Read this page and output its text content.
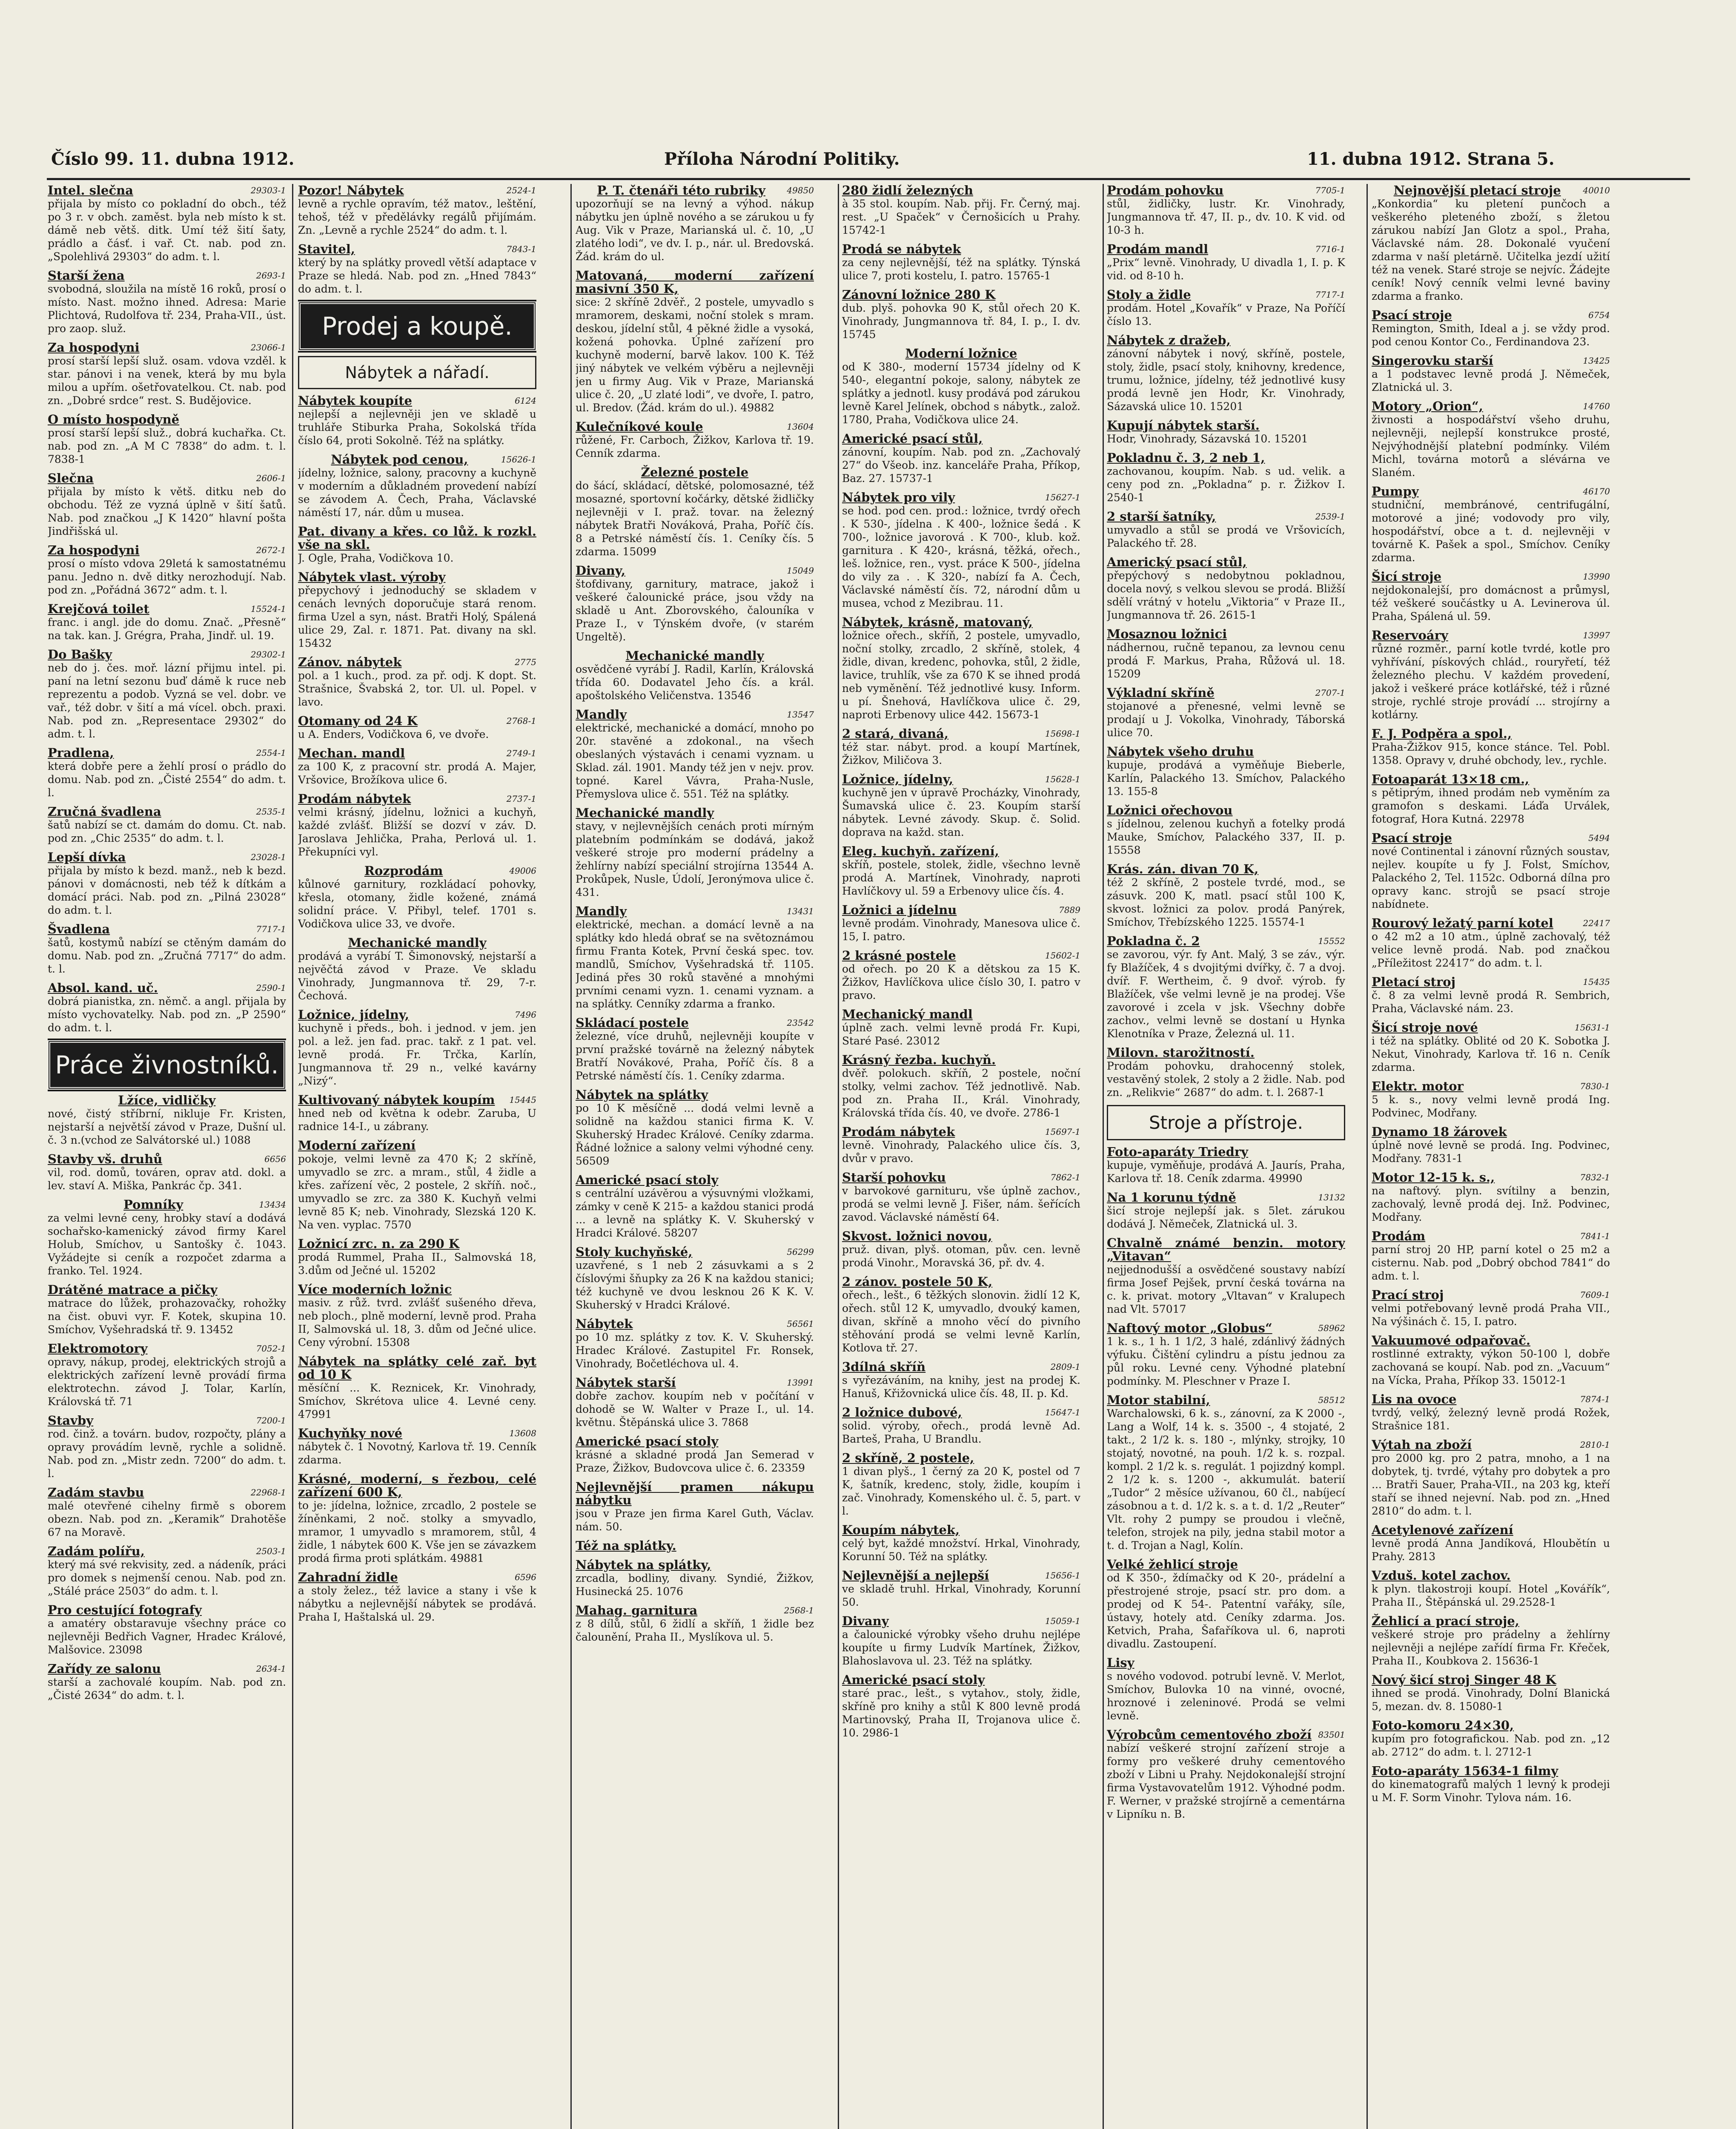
Číslo 99. 11. dubna 1912.	Příloha Národní Politiky.	11. dubna 1912. Strana 5.
29303-1
Intel. slečna
přijala by místo co pokladní do obch., též po 3 r. v obch. zaměst. byla neb místo k st. dámě neb větš. ditk. Umí též šití šaty, prádlo a čásť. i vař. Ct. nab. pod zn. „Spolehlivá 29303“ do adm. t. l.
2693-1
Starší žena
svobodná, sloužila na místě 16 roků, prosí o místo. Nast. možno ihned. Adresa: Marie Plichtová, Rudolfova tř. 234, Praha-VII., úst. pro zaop. služ.
23066-1
Za hospodyni
prosí starší lepší služ. osam. vdova vzděl. k star. pánovi i na venek, která by mu byla milou a upřím. ošetřovatelkou. Ct. nab. pod zn. „Dobré srdce“ rest. S. Budějovice.
O místo hospodyně
prosí starší lepší služ., dobrá kuchařka. Ct. nab. pod zn. „A M C 7838“ do adm. t. l. 7838-1
2606-1
Slečna
přijala by místo k větš. ditku neb do obchodu. Též ze vyzná úplně v šití šatů. Nab. pod značkou „J K 1420“ hlavní pošta Jindřišská ul.
2672-1
Za hospodyni
prosí o místo vdova 29letá k samostatnému panu. Jedno n. dvě ditky nerozhodují. Nab. pod zn. „Pořádná 3672“ adm. t. l.
15524-1
Krejčová toilet
franc. i angl. jde do domu. Znač. „Přesně“ na tak. kan. J. Grégra, Praha, Jindř. ul. 19.
29302-1
Do Bašky
neb do j. čes. moř. lázní přijmu intel. pi. paní na letní sezonu buď dámě k ruce neb reprezentu a podob. Vyzná se vel. dobr. ve vař., též dobr. v šití a má vícel. obch. praxi. Nab. pod zn. „Representace 29302“ do adm. t. l.
2554-1
Pradlena,
která dobře pere a žehlí prosí o prádlo do domu. Nab. pod zn. „Čisté 2554“ do adm. t. l.
2535-1
Zručná švadlena
šatů nabízí se ct. damám do domu. Ct. nab. pod zn. „Chic 2535“ do adm. t. l.
23028-1
Lepší dívka
přijala by místo k bezd. manž., neb k bezd. pánovi v domácnosti, neb též k dítkám a domácí práci. Nab. pod zn. „Pilná 23028“ do adm. t. l.
7717-1
Švadlena
šatů, kostymů nabízí se ctěným damám do domu. Nab. pod zn. „Zručná 7717“ do adm. t. l.
2590-1
Absol. kand. uč.
dobrá pianistka, zn. němč. a angl. přijala by místo vychovatelky. Nab. pod zn. „P 2590“ do adm. t. l.
Práce živnostníků.
Lžíce, vidličky
nové, čistý stříbrní, nikluje Fr. Kristen, nejstarší a největší závod v Praze, Dušní ul. č. 3 n.(vchod ze Salvátorské ul.) 1088
6656
Stavby vš. druhů
vil, rod. domů, továren, oprav atd. dokl. a lev. staví A. Miška, Pankrác čp. 341.
13434
Pomníky
za velmi levné ceny, hrobky staví a dodává sochařsko-kamenický závod firmy Karel Holub, Smíchov, u Santošky č. 1043. Vyžádejte si ceník a rozpočet zdarma a franko. Tel. 1924.
Drátěné matrace a pičky
matrace do lůžek, prohazovačky, rohožky na čist. obuvi vyr. F. Kotek, skupina 10. Smíchov, Vyšehradská tř. 9. 13452
7052-1
Elektromotory
opravy, nákup, prodej, elektrických strojů a elektrických zařízení levně provádí firma elektrotechn. závod J. Tolar, Karlín, Královská tř. 71
7200-1
Stavby
rod. činž. a továrn. budov, rozpočty, plány a opravy provádím levně, rychle a solidně. Nab. pod zn. „Mistr zedn. 7200“ do adm. t. l.
22968-1
Zadám stavbu
malé otevřené cihelny firmě s oborem obezn. Nab. pod zn. „Keramik“ Drahotěše 67 na Moravě.
2503-1
Zadám polířu,
který má své rekvisity, zed. a nádeník, práci pro domek s nejmenší cenou. Nab. pod zn. „Stálé práce 2503“ do adm. t. l.
Pro cestující fotografy
a amatéry obstaravuje všechny práce co nejlevněji Bedřich Vagner, Hradec Králové, Malšovice. 23098
2634-1
Zařídy ze salonu
starší a zachovalé koupím. Nab. pod zn. „Čisté 2634“ do adm. t. l.
2524-1
Pozor! Nábytek
levně a rychle opravím, též matov., leštění, tehoš, též v předělávky regálů přijímám. Zn. „Levně a rychle 2524“ do adm. t. l.
7843-1
Stavitel,
který by na splátky provedl větší adaptace v Praze se hledá. Nab. pod zn. „Hned 7843“ do adm. t. l.
Prodej a koupě.
Nábytek a nářadí.
6124
Nábytek koupíte
nejlepší a nejlevněji jen ve skladě u truhláře Stiburka Praha, Sokolská třída číslo 64, proti Sokolně. Též na splátky.
15626-1
Nábytek pod cenou,
jídelny, ložnice, salony, pracovny a kuchyně v moderním a důkladném provedení nabízí se závodem A. Čech, Praha, Václavské náměstí 17, nár. dům u musea.
Pat. divany a křes. co lůž. k rozkl. vše na skl.
J. Ogle, Praha, Vodičkova 10.
Nábytek vlast. výroby
přepychový i jednoduchý se skladem v cenách levných doporučuje stará renom. firma Uzel a syn, nást. Bratři Holý, Spálená ulice 29, Zal. r. 1871. Pat. divany na skl. 15432
2775
Zánov. nábytek
pol. a 1 kuch., prod. za př. odj. K dopt. St. Strašnice, Švabská 2, tor. Ul. ul. Popel. v lavo.
2768-1
Otomany od 24 K
u A. Enders, Vodičkova 6, ve dvoře.
2749-1
Mechan. mandl
za 100 K, z pracovní str. prodá A. Majer, Vršovice, Brožíkova ulice 6.
2737-1
Prodám nábytek
velmi krásný, jídelnu, ložnici a kuchyň, každé zvlášť. Bližší se dozví v záv. D. Jaroslava Jehlička, Praha, Perlová ul. 1. Překupníci vyl.
49006
Rozprodám
kůlnové garnitury, rozkládací pohovky, křesla, otomany, židle kožené, známá solidní práce. V. Přibyl, telef. 1701 s. Vodičkova ulice 33, ve dvoře.
Mechanické mandly
prodává a vyrábí T. Šimonovský, nejstarší a nejvěčtá závod v Praze. Ve skladu Vinohrady, Jungmannova tř. 29, 7-r. Čechová.
7496
Ložnice, jídelny,
kuchyně i předs., boh. i jednod. v jem. jen pol. a lež. jen fad. prac. takř. z 1 pat. vel. levně prodá. Fr. Trčka, Karlín, Jungmannova tř. 29 n., velké kavárny „Nizý“.
15445
Kultivovaný nábytek koupím
hned neb od května k odebr. Zaruba, U radnice 14-I., u zábrany.
Moderní zařízení
pokoje, velmi levně za 470 K; 2 skříně, umyvadlo se zrc. a mram., stůl, 4 židle a křes. zařízení věc, 2 postele, 2 skříň. noč., umyvadlo se zrc. za 380 K. Kuchyň velmi levně 85 K; neb. Vinohrady, Slezská 120 K. Na ven. vyplac. 7570
Ložnicí zrc. n. za 290 K
prodá Rummel, Praha II., Salmovská 18, 3.dům od Ječné ul. 15202
Více moderních ložnic
masiv. z růž. tvrd. zvlášť sušeného dřeva, neb ploch., plně moderní, levně prod. Praha II, Salmovská ul. 18, 3. dům od Ječné ulice. Ceny výrobní. 15308
Nábytek na splátky celé zař. byt od 10 K
měsíční ... K. Reznicek, Kr. Vinohrady, Smíchov, Skrétova ulice 4. Levné ceny. 47991
13608
Kuchyňky nové
nábytek č. 1 Novotný, Karlova tř. 19. Cenník zdarma.
Krásné, moderní, s řezbou, celé zařízení 600 K,
to je: jídelna, ložnice, zrcadlo, 2 postele se žíněnkami, 2 noč. stolky a smyvadlo, mramor, 1 umyvadlo s mramorem, stůl, 4 židle, 1 nábytek 600 K. Vše jen se závazkem prodá firma proti splátkám. 49881
6596
Zahradní židle
a stoly želez., též lavice a stany i vše k nábytku a nejlevnější nábytek se prodává. Praha I, Haštalská ul. 29.
49850
P. T. čtenáři této rubriky
upozorňují se na levný a výhod. nákup nábytku jen úplně nového a se zárukou u fy Aug. Vik v Praze, Marianská ul. č. 10, „U zlatého lodi“, ve dv. I. p., nár. ul. Bredovská. Žád. krám do ul.
Matovaná, moderní zařízení masivní 350 K,
sice: 2 skříně 2dvěř., 2 postele, umyvadlo s mramorem, deskami, noční stolek s mram. deskou, jídelní stůl, 4 pěkné židle a vysoká, kožená pohovka. Úplné zařízení pro kuchyně moderní, barvě lakov. 100 K. Též jiný nábytek ve velkém výběru a nejlevněji jen u firmy Aug. Vik v Praze, Marianská ulice č. 20, „U zlaté lodi“, ve dvoře, I. patro, ul. Bredov. (Žád. krám do ul.). 49882
13604
Kulečníkové koule
růžené, Fr. Carboch, Žižkov, Karlova tř. 19. Cenník zdarma.
Železné postele
do šácí, skládací, dětské, polomosazné, též mosazné, sportovní kočárky, dětské židličky nejlevněji v I. praž. tovar. na železný nábytek Bratři Nováková, Praha, Poříč čís. 8 a Petrské náměstí čís. 1. Ceníky čís. 5 zdarma. 15099
15049
Divany,
štofdivany, garnitury, matrace, jakož i veškeré čalounické práce, jsou vždy na skladě u Ant. Zborovského, čalouníka v Praze I., v Týnském dvoře, (v starém Ungeltě).
Mechanické mandly
osvědčené vyrábí J. Radil, Karlín, Královská třída 60. Dodavatel Jeho čís. a král. apoštolského Veličenstva. 13546
13547
Mandly
elektrické, mechanické a domácí, mnoho po 20r. stavěné a zdokonal., na všech obeslaných výstavách i cenami vyznam. u Sklad. zál. 1901. Mandy též jen v nejv. prov. topné. Karel Vávra, Praha-Nusle, Přemyslova ulice č. 551. Též na splátky.
Mechanické mandly
stavy, v nejlevnějších cenách proti mírným platebním podmínkám se dodává, jakož veškeré stroje pro moderní prádelny a žehlírny nabízí speciální strojírna 13544 A. Prokůpek, Nusle, Údolí, Jeronýmova ulice č. 431.
13431
Mandly
elektrické, mechan. a domácí levně a na splátky kdo hledá obrať se na světoznámou firmu Franta Kotek, První česká spec. tov. mandlů, Smíchov, Vyšehradská tř. 1105. Jediná přes 30 roků stavěné a mnohými prvními cenami vyzn. 1. cenami vyznam. a na splátky. Cenníky zdarma a franko.
23542
Skládací postele
železné, více druhů, nejlevněji koupíte v první pražské továrně na železný nábytek Bratří Novákové, Praha, Poříč čís. 8 a Petrské náměstí čís. 1. Ceníky zdarma.
Nábytek na splátky
po 10 K měsíčně ... dodá velmi levně a solidně na každou stanici firma K. V. Skuherský Hradec Králové. Ceníky zdarma. Řádné ložnice a salony velmi výhodné ceny. 56509
Americké psací stoly
s centrální uzávěrou a výsuvnými vložkami, zámky v ceně K 215- a každou stanici prodá ... a levně na splátky K. V. Skuherský v Hradci Králové. 58207
56299
Stoly kuchyňské,
uzavřené, s 1 neb 2 zásuvkami a s 2 číslovými šňupky za 26 K na každou stanici; též kuchyně ve dvou lesknou 26 K K. V. Skuherský v Hradci Králové.
56561
Nábytek
po 10 mz. splátky z tov. K. V. Skuherský. Hradec Králové. Zastupitel Fr. Ronsek, Vinohrady, Bočetléchova ul. 4.
13991
Nábytek starší
dobře zachov. koupím neb v počítání v dohodě se W. Walter v Praze I., ul. 14. květnu. Štěpánská ulice 3. 7868
Americké psací stoly
krásné a skladné prodá Jan Semerad v Praze, Žižkov, Budovcova ulice č. 6. 23359
Nejlevnější pramen nákupu nábytku
jsou v Praze jen firma Karel Guth, Václav. nám. 50.
Též na splátky.
Nábytek na splátky,
zrcadla, bodliny, divany. Syndié, Žižkov, Husinecká 25. 1076
2568-1
Mahag. garnitura
z 8 dílů, stůl, 6 židlí a skříň, 1 židle bez čalounění, Praha II., Myslíkova ul. 5.
280 židlí železných
à 35 stol. koupím. Nab. přij. Fr. Černý, maj. rest. „U Spaček“ v Černošicích u Prahy. 15742-1
Prodá se nábytek
za ceny nejlevnější, též na splátky. Týnská ulice 7, proti kostelu, I. patro. 15765-1
Zánovní ložnice 280 K
dub. plyš. pohovka 90 K, stůl ořech 20 K. Vinohrady, Jungmannova tř. 84, I. p., I. dv. 15745
Moderní ložnice
od K 380-, moderní 15734 jídelny od K 540-, elegantní pokoje, salony, nábytek ze splátky a jednotl. kusy prodává pod zárukou levně Karel Jelínek, obchod s nábytk., založ. 1780, Praha, Vodičkova ulice 24.
Americké psací stůl,
zánovní, koupím. Nab. pod zn. „Zachovalý 27“ do Všeob. inz. kanceláře Praha, Příkop, Baz. 27. 15737-1
15627-1
Nábytek pro vily
se hod. pod cen. prod.: ložnice, tvrdý ořech . K 530-, jídelna . K 400-, ložnice šedá . K 700-, ložnice javorová . K 700-, klub. kož. garnitura . K 420-, krásná, těžká, ořech., leš. ložnice, ren., vyst. práce K 500-, jídelna do vily za . . K 320-, nabízí fa A. Čech, Václavské náměstí čís. 72, národní dům u musea, vchod z Mezibrau. 11.
Nábytek, krásně, matovaný,
ložnice ořech., skříň, 2 postele, umyvadlo, noční stolky, zrcadlo, 2 skříně, stolek, 4 židle, divan, kredenc, pohovka, stůl, 2 židle, lavice, truhlík, vše za 670 K se ihned prodá neb vyměnění. Též jednotlivé kusy. Inform. u pí. Šnehová, Havlíčkova ulice č. 29, naproti Erbenovy ulice 442. 15673-1
15698-1
2 stará, divaná,
též star. nábyt. prod. a koupí Martínek, Žižkov, Miličova 3.
15628-1
Ložnice, jídelny,
kuchyně jen v úpravě Procházky, Vinohrady, Šumavská ulice č. 23. Koupím starší nábytek. Levné závody. Skup. č. Solid. doprava na každ. stan.
Eleg. kuchyň. zařízení,
skříň, postele, stolek, židle, všechno levně prodá A. Martínek, Vinohrady, naproti Havlíčkovy ul. 59 a Erbenovy ulice čís. 4.
7889
Ložnici a jídelnu
levně prodám. Vinohrady, Manesova ulice č. 15, I. patro.
15602-1
2 krásné postele
od ořech. po 20 K a dětskou za 15 K. Žižkov, Havlíčkova ulice číslo 30, I. patro v pravo.
Mechanický mandl
úplně zach. velmi levně prodá Fr. Kupi, Staré Pasé. 23012
Krásný řezba. kuchyň.
dvěř. polokuch. skříň, 2 postele, noční stolky, velmi zachov. Též jednotlivě. Nab. pod zn. Praha II., Král. Vinohrady, Královská třída čís. 40, ve dvoře. 2786-1
15697-1
Prodám nábytek
levně. Vinohrady, Palackého ulice čís. 3, dvůr v pravo.
7862-1
Starší pohovku
v barvokové garnituru, vše úplně zachov., prodá se velmi levně J. Fišer, nám. šeřících zavod. Václavské náměstí 64.
Skvost. ložnici novou,
pruž. divan, plyš. otoman, pův. cen. levně prodá Vinohr., Moravská 36, př. dv. 4.
2 zánov. postele 50 K,
ořech., lešt., 6 těžkých slonovin. židlí 12 K, ořech. stůl 12 K, umyvadlo, dvouký kamen, divan, skříně a mnoho věcí do pivního stěhování prodá se velmi levně Karlín, Kotlova tř. 27.
2809-1
3dílná skříň
s vyřezáváním, na knihy, jest na prodej K. Hanuš, Křižovnická ulice čís. 48, II. p. Kd.
15647-1
2 ložnice dubové,
solid. výroby, ořech., prodá levně Ad. Barteš, Praha, U Brandlu.
2 skříně, 2 postele,
1 divan plyš., 1 černý za 20 K, postel od 7 K, šatník, kredenc, stoly, židle, koupím i zač. Vinohrady, Komenského ul. č. 5, part. v l.
Koupím nábytek,
celý byt, každé množství. Hrkal, Vinohrady, Korunní 50. Též na splátky.
15656-1
Nejlevnější a nejlepší
ve skladě truhl. Hrkal, Vinohrady, Korunní 50.
15059-1
Divany
a čalounické výrobky všeho druhu nejlépe koupíte u firmy Ludvík Martínek, Žižkov, Blahoslavova ul. 23. Též na splátky.
Americké psací stoly
staré prac., lešt., s vytahov., stoly, židle, skříně pro knihy a stůl K 800 levně prodá Martinovský, Praha II, Trojanova ulice č. 10. 2986-1
7705-1
Prodám pohovku
stůl, židličky, lustr. Kr. Vinohrady, Jungmannova tř. 47, II. p., dv. 10. K vid. od 10-3 h.
7716-1
Prodám mandl
„Prix“ levně. Vinohrady, U divadla 1, I. p. K vid. od 8-10 h.
7717-1
Stoly a židle
prodám. Hotel „Kovařík“ v Praze, Na Poříčí číslo 13.
Nábytek z dražeb,
zánovní nábytek i nový, skříně, postele, stoly, židle, psací stoly, knihovny, kredence, trumu, ložnice, jídelny, též jednotlivé kusy prodá levně jen Hodr, Kr. Vinohrady, Sázavská ulice 10. 15201
Kupují nábytek starší.
Hodr, Vinohrady, Sázavská 10. 15201
Pokladnu č. 3, 2 neb 1,
zachovanou, koupím. Nab. s ud. velik. a ceny pod zn. „Pokladna“ p. r. Žižkov I. 2540-1
2539-1
2 starší šatníky,
umyvadlo a stůl se prodá ve Vršovicích, Palackého tř. 28.
Americký psací stůl,
přepýchový s nedobytnou pokladnou, docela nový, s velkou slevou se prodá. Bližší sdělí vrátný v hotelu „Viktoria“ v Praze II., Jungmannova tř. 26. 2615-1
Mosaznou ložnici
nádhernou, ručně tepanou, za levnou cenu prodá F. Markus, Praha, Růžová ul. 18. 15209
2707-1
Výkladní skříně
stojanové a přenesné, velmi levně se prodají u J. Vokolka, Vinohrady, Táborská ulice 70.
Nábytek všeho druhu
kupuje, prodává a vyměňuje Bieberle, Karlín, Palackého 13. Smíchov, Palackého 13. 155-8
Ložnici ořechovou
s jídelnou, zelenou kuchyň a fotelky prodá Mauke, Smíchov, Palackého 337, II. p. 15558
Krás. zán. divan 70 K,
též 2 skříně, 2 postele tvrdé, mod., se zásuvk. 200 K, matl. psací stůl 100 K, skvost. ložnici za polov. prodá Panýrek, Smíchov, Třebízského 1225. 15574-1
15552
Pokladna č. 2
se zavorou, výr. fy Ant. Malý, 3 se záv., výr. fy Blažíček, 4 s dvojitými dvířky, č. 7 a dvoj. dvíř. F. Wertheim, č. 9 dvoř. výrob. fy Blažíček, vše velmi levně je na prodej. Vše zavorové i zcela v jsk. Všechny dobře zachov., velmi levně se dostaní u Hynka Klenotníka v Praze, Železná ul. 11.
Milovn. starožitností.
Prodám pohovku, drahocenný stolek, vestavěný stolek, 2 stoly a 2 židle. Nab. pod zn. „Relikvie“ 2687“ do adm. t. l. 2687-1
Stroje a přístroje.
Foto-aparáty Triedry
kupuje, vyměňuje, prodává A. Jaurís, Praha, Karlova tř. 18. Ceník zdarma. 49990
13132
Na 1 korunu týdně
šicí stroje nejlepší jak. s 5let. zárukou dodává J. Němeček, Zlatnická ul. 3.
Chvalně známé benzin. motory „Vitavan“
nejjednodušší a osvědčené soustavy nabízí firma Josef Pejšek, první česká továrna na c. k. privat. motory „Vltavan“ v Kralupech nad Vlt. 57017
58962
Naftový motor „Globus“
1 k. s., 1 h. 1 1/2, 3 halé, zdánlivý žádných výfuku. Čištění cylindru a pístu jednou za půl roku. Levné ceny. Výhodné platební podmínky. M. Pleschner v Praze I.
58512
Motor stabilní,
Warchalowski, 6 k. s., zánovní, za K 2000 -, Lang a Wolf, 14 k. s. 3500 -, 4 stojaté, 2 takt., 2 1/2 k. s. 180 -, mlýnky, strojky, 10 stojatý, novotné, na pouh. 1/2 k. s. rozpal. kompl. 2 1/2 k. s. regulát. 1 pojizdný kompl. 2 1/2 k. s. 1200 -, akkumulát. baterií „Tudor“ 2 měsíce užívanou, 60 čl., nabíjecí zásobnou a t. d. 1/2 k. s. a t. d. 1/2 „Reuter“ Vlt. rohy 2 pumpy se proudou i vlečně, telefon, strojek na pily, jedna stabil motor a t. d. Trojan a Nagl, Kolín.
Velké žehlicí stroje
od K 350-, ždímačky od K 20-, prádelní a přestrojené stroje, psací str. pro dom. a prodej od K 54-. Patentní vařáky, síle, ústavy, hotely atd. Ceníky zdarma. Jos. Ketvich, Praha, Šafaříkova ul. 6, naproti divadlu. Zastoupení.
Lisy
s nového vodovod. potrubí levně. V. Merlot, Smíchov, Bulovka 10 na vinné, ovocné, hroznové i zeleninové. Prodá se velmi levně.
83501
Výrobcům cementového zboží
nabízí veškeré strojní zařízení stroje a formy pro veškeré druhy cementového zboží v Libni u Prahy. Nejdokonalejší strojní firma Vystavovatelům 1912. Výhodné podm. F. Werner, v pražské strojírně a cementárna v Lipníku n. B.
40010
Nejnovější pletací stroje
„Konkordia“ ku pletení punčoch a veškerého pleteného zboží, s žletou zárukou nabízí Jan Glotz a spol., Praha, Václavské nám. 28. Dokonalé vyučení zdarma v naší pletárně. Učitelka jezdí užití též na venek. Staré stroje se nejvíc. Žádejte ceník! Nový cenník velmi levné baviny zdarma a franko.
6754
Psací stroje
Remington, Smith, Ideal a j. se vždy prod. pod cenou Kontor Co., Ferdinandova 23.
13425
Singerovku starší
a 1 podstavec levně prodá J. Němeček, Zlatnická ul. 3.
14760
Motory „Orion“,
živnosti a hospodářství všeho druhu, nejlevněji, nejlepší konstrukce prosté, Nejvýhodnější platební podmínky. Vilém Michl, továrna motorů a slévárna ve Slaném.
46170
Pumpy
studniční, membránové, centrifugální, motorové a jiné; vodovody pro vily, hospodářství, obce a t. d. nejlevněji v továrně K. Pašek a spol., Smíchov. Ceníky zdarma.
13990
Šicí stroje
nejdokonalejší, pro domácnost a průmysl, též veškeré součástky u A. Levinerova úl. Praha, Spálená ul. 59.
13997
Reservoáry
různé rozměr., parní kotle tvrdé, kotle pro vyhřívání, pískových chlád., rouryřetí, též železného plechu. V každém provedení, jakož i veškeré práce kotlářské, též i různé stroje, rychlé stroje provádí ... strojírny a kotlárny.
F. J. Podpěra a spol.,
Praha-Žižkov 915, konce stánce. Tel. Pobl. 1358. Opravy v, druhé obchody, lev., rychle.
Fotoaparát 13×18 cm.,
s pětiprým, ihned prodám neb vyměním za gramofon s deskami. Láďa Urválek, fotograf, Hora Kutná. 22978
5494
Psací stroje
nové Continental i zánovní různých soustav, nejlev. koupíte u fy J. Folst, Smíchov, Palackého 2, Tel. 1152c. Odborná dílna pro opravy kanc. strojů se psací stroje nabídnete.
22417
Rourový ležatý parní kotel
o 42 m2 a 10 atm., úplně zachovalý, též velice levně prodá. Nab. pod značkou „Příležitost 22417“ do adm. t. l.
15435
Pletací stroj
č. 8 za velmi levně prodá R. Sembrich, Praha, Václavské nám. 23.
15631-1
Šicí stroje nové
i též na splátky. Oblité od 20 K. Sobotka J. Nekut, Vinohrady, Karlova tř. 16 n. Ceník zdarma.
7830-1
Elektr. motor
5 k. s., novy velmi levně prodá Ing. Podvinec, Modřany.
Dynamo 18 žárovek
úplně nové levně se prodá. Ing. Podvinec, Modřany. 7831-1
7832-1
Motor 12-15 k. s.,
na naftový. plyn. svítilny a benzin, zachovalý, levně prodá dej. Inž. Podvinec, Modřany.
7841-1
Prodám
parní stroj 20 HP, parní kotel o 25 m2 a cisternu. Nab. pod „Dobrý obchod 7841“ do adm. t. l.
7609-1
Prací stroj
velmi potřebovaný levně prodá Praha VII., Na výšinách č. 15, I. patro.
Vakuumové odpařovač.
rostlinné extrakty, výkon 50-100 l, dobře zachovaná se koupí. Nab. pod zn. „Vacuum“ na Vícka, Praha, Příkop 33. 15012-1
7874-1
Lis na ovoce
tvrdý, velký, železný levně prodá Rožek, Strašnice 181.
2810-1
Výtah na zboží
pro 2000 kg. pro 2 patra, mnoho, a 1 na dobytek, tj. tvrdé, výtahy pro dobytek a pro ... Bratři Sauer, Praha-VII., na 203 kg, kteří staří se ihned nejevní. Nab. pod zn. „Hned 2810“ do adm. t. l.
Acetylenové zařízení
levně prodá Anna Jandíková, Hloubětín u Prahy. 2813
Vzduš. kotel zachov.
k plyn. tlakostroji koupí. Hotel „Kovářík“, Praha II., Štěpánská ul. 29.2528-1
Žehlicí a prací stroje,
veškeré stroje pro prádelny a žehlírny nejlevněji a nejlépe zařídí firma Fr. Křeček, Praha II., Koubkova 2. 15636-1
Nový šicí stroj Singer 48 K
ihned se prodá. Vinohrady, Dolní Blanická 5, mezan. dv. 8. 15080-1
Foto-komoru 24×30,
kupím pro fotografickou. Nab. pod zn. „12 ab. 2712“ do adm. t. l. 2712-1
Foto-aparáty 15634-1 filmy
do kinematografů malých 1 levný k prodeji u M. F. Sorm Vinohr. Tylova nám. 16.
